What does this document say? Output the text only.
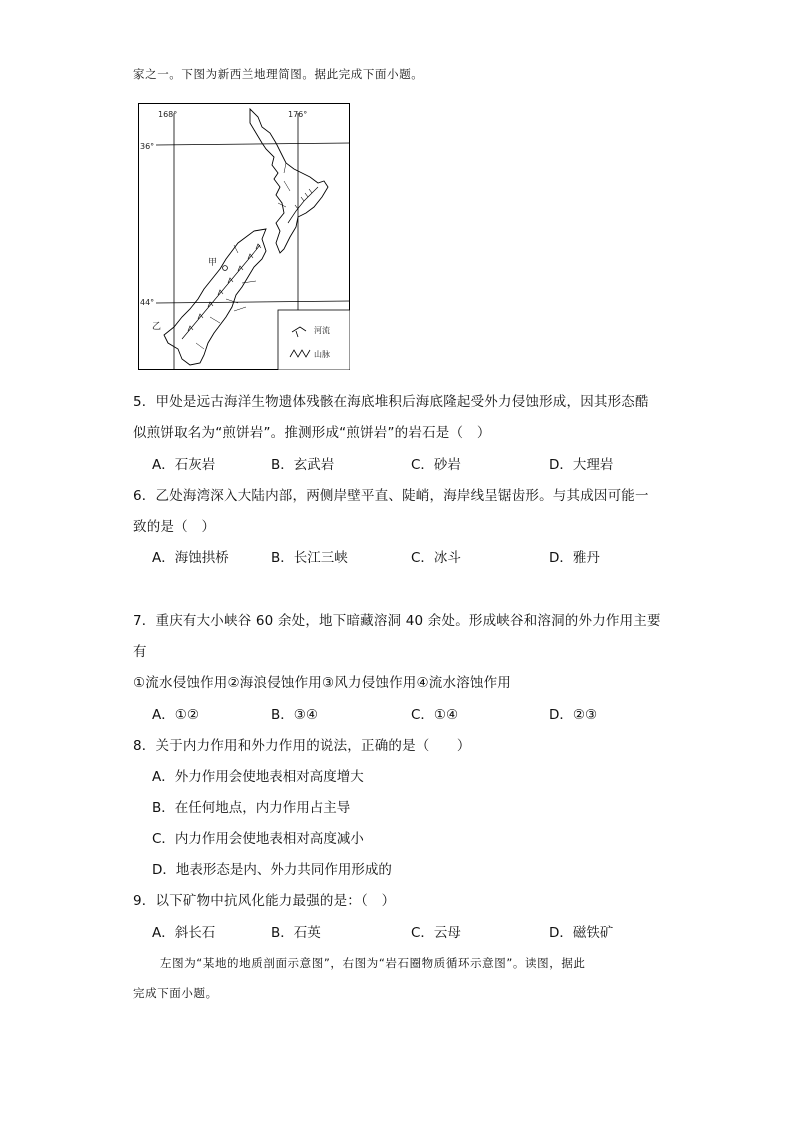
家之一。下图为新西兰地理简图。据此完成下面小题。
168°	176°
36°
44°
甲
乙	河流
山脉
5．甲处是远古海洋生物遗体残骸在海底堆积后海底隆起受外力侵蚀形成，因其形态酷
似煎饼取名为“煎饼岩”。推测形成“煎饼岩”的岩石是（　）
A．石灰岩	B．玄武岩	C．砂岩	D．大理岩
6．乙处海湾深入大陆内部，两侧岸壁平直、陡峭，海岸线呈锯齿形。与其成因可能一
致的是（　）
A．海蚀拱桥	B．长江三峡	C．冰斗	D．雅丹
7．重庆有大小峡谷 60 余处，地下暗藏溶洞 40 余处。形成峡谷和溶洞的外力作用主要
有
①流水侵蚀作用②海浪侵蚀作用③风力侵蚀作用④流水溶蚀作用
A．①②	B．③④	C．①④	D．②③
8．关于内力作用和外力作用的说法，正确的是（　　）
A．外力作用会使地表相对高度增大
B．在任何地点，内力作用占主导
C．内力作用会使地表相对高度减小
D．地表形态是内、外力共同作用形成的
9．以下矿物中抗风化能力最强的是：（　）
A．斜长石	B．石英	C．云母	D．磁铁矿
左图为“某地的地质剖面示意图”，右图为“岩石圈物质循环示意图”。读图，据此
完成下面小题。
